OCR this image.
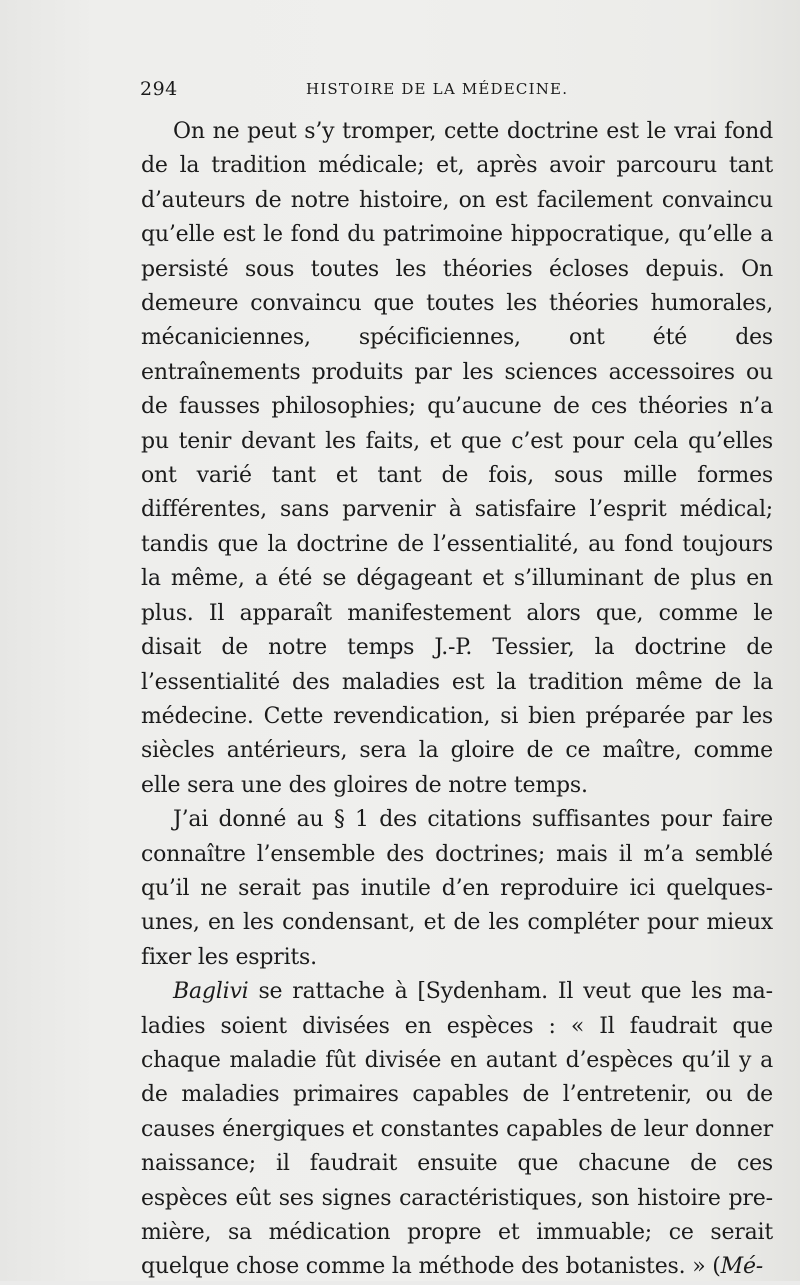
294	HISTOIRE DE LA MÉDECINE.

On ne peut s’y tromper, cette doctrine est le vrai fond de la tradition médicale; et, après avoir parcouru tant d’auteurs de notre histoire, on est facilement convaincu qu’elle est le fond du patrimoine hippocratique, qu’elle a persisté sous toutes les théories écloses depuis. On demeure convaincu que toutes les théories humorales, mécaniciennes, spécificiennes, ont été des entraînements produits par les sciences accessoires ou de fausses philosophies; qu’aucune de ces théories n’a pu tenir devant les faits, et que c’est pour cela qu’elles ont varié tant et tant de fois, sous mille formes différentes, sans parvenir à satisfaire l’esprit médical; tandis que la doctrine de l’essentialité, au fond toujours la même, a été se dégageant et s’illuminant de plus en plus. Il apparaît manifestement alors que, comme le disait de notre temps J.-P. Tessier, la doctrine de l’essentialité des maladies est la tradition même de la médecine. Cette revendication, si bien préparée par les siècles antérieurs, sera la gloire de ce maître, comme elle sera une des gloires de notre temps.

J’ai donné au § 1 des citations suffisantes pour faire connaître l’ensemble des doctrines; mais il m’a semblé qu’il ne serait pas inutile d’en reproduire ici quelquesunes, en les condensant, et de les compléter pour mieux fixer les esprits.

Baglivi se rattache à [Sydenham. Il veut que les maladies soient divisées en espèces : « Il faudrait que chaque maladie fût divisée en autant d’espèces qu’il y a de maladies primaires capables de l’entretenir, ou de causes énergiques et constantes capables de leur donner naissance; il faudrait ensuite que chacune de ces espèces eût ses signes caractéristiques, son histoire première, sa médication propre et immuable; ce serait quelque chose comme la méthode des botanistes. » (Mé-
